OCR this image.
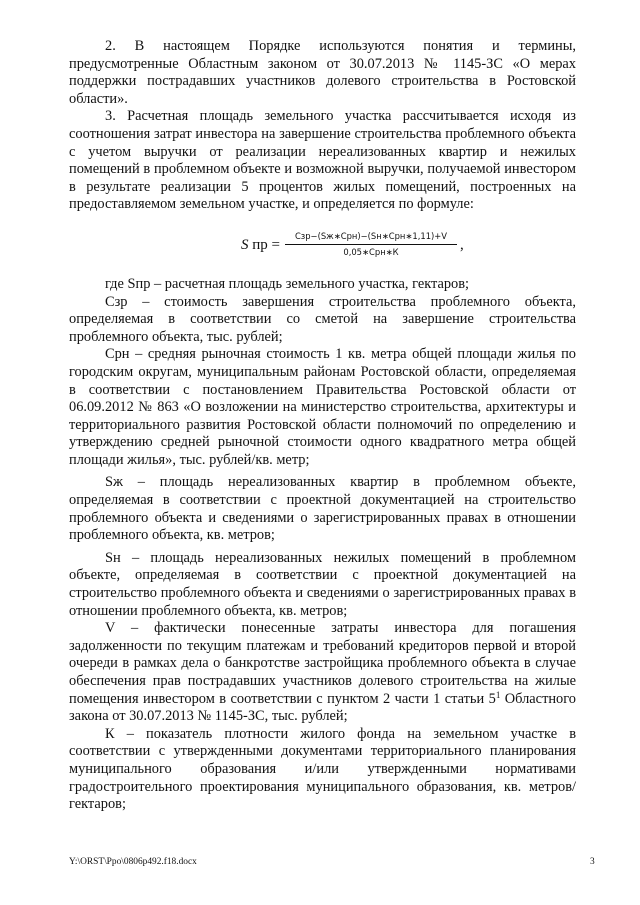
2. В настоящем Порядке используются понятия и термины, предусмотренные Областным законом от 30.07.2013 № 1145-ЗС «О мерах поддержки пострадавших участников долевого строительства в Ростовской области».

3. Расчетная площадь земельного участка рассчитывается исходя из соотношения затрат инвестора на завершение строительства проблемного объекта с учетом выручки от реализации нереализованных квартир и нежилых помещений в проблемном объекте и возможной выручки, получаемой инвестором в результате реализации 5 процентов жилых помещений, построенных на предоставляемом земельном участке, и определяется по формуле:

S пр =
Сзр−(Sж∗Срн)−(Sн∗Срн∗1,11)+V
0,05∗Срн∗К	,

где Sпр – расчетная площадь земельного участка, гектаров;

Сзр – стоимость завершения строительства проблемного объекта, определяемая в соответствии со сметой на завершение строительства проблемного объекта, тыс. рублей;

Срн – средняя рыночная стоимость 1 кв. метра общей площади жилья по городским округам, муниципальным районам Ростовской области, определяемая в соответствии с постановлением Правительства Ростовской области от 06.09.2012 № 863 «О возложении на министерство строительства, архитектуры и территориального развития Ростовской области полномочий по определению и утверждению средней рыночной стоимости одного квадратного метра общей площади жилья», тыс. рублей/кв. метр;

Sж – площадь нереализованных квартир в проблемном объекте, определяемая в соответствии с проектной документацией на строительство проблемного объекта и сведениями о зарегистрированных правах в отношении проблемного объекта, кв. метров;

Sн – площадь нереализованных нежилых помещений в проблемном объекте, определяемая в соответствии с проектной документацией на строительство проблемного объекта и сведениями о зарегистрированных правах в отношении проблемного объекта, кв. метров;

V – фактически понесенные затраты инвестора для погашения задолженности по текущим платежам и требований кредиторов первой и второй очереди в рамках дела о банкротстве застройщика проблемного объекта в случае обеспечения прав пострадавших участников долевого строительства на жилые помещения инвестором в соответствии с пунктом 2 части 1 статьи $5^1$ Областного закона от 30.07.2013 № 1145-ЗС, тыс. рублей;

К – показатель плотности жилого фонда на земельном участке в соответствии с утвержденными документами территориального планирования муниципального образования и/или утвержденными нормативами градостроительного проектирования муниципального образования, кв. метров/гектаров;

Y:\ORST\Ppo\0806p492.f18.docx	3
